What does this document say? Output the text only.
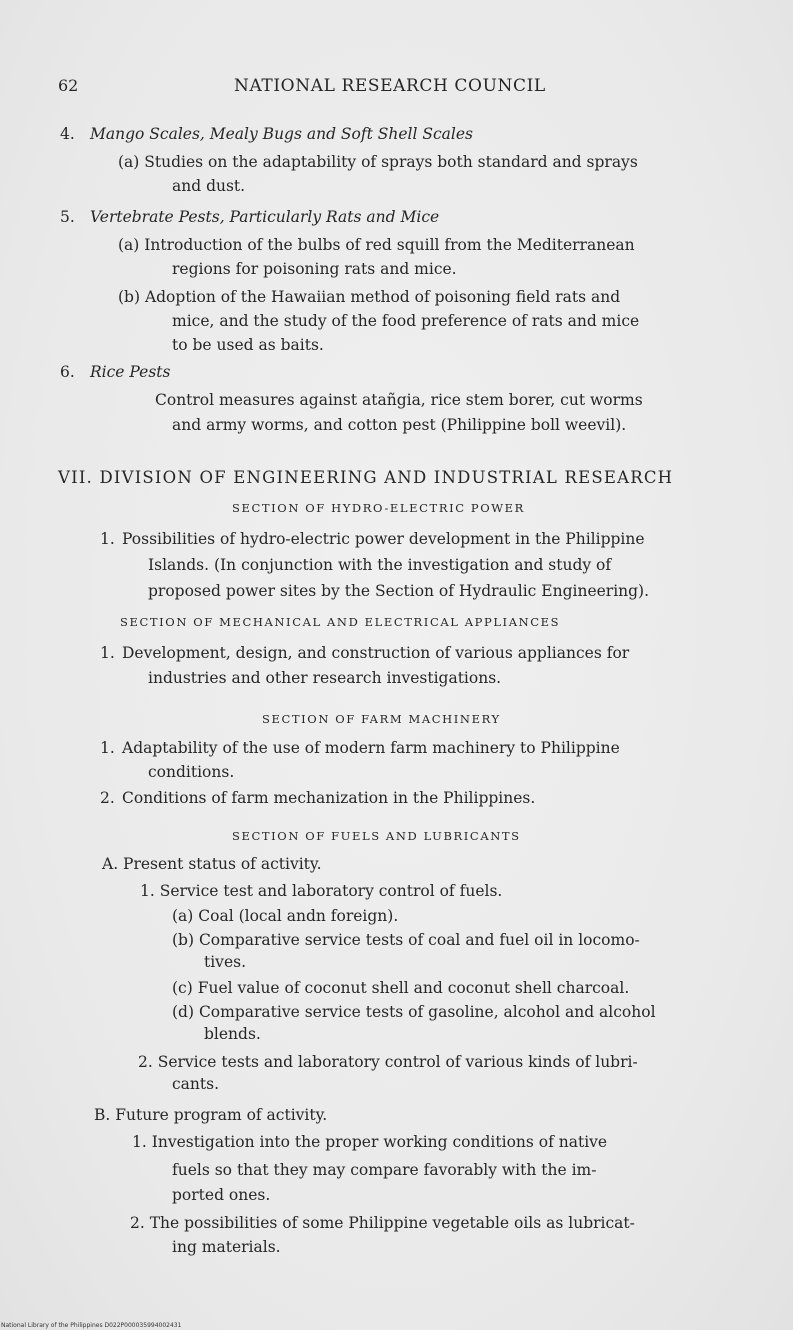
62	NATIONAL RESEARCH COUNCIL
4. Mango Scales, Mealy Bugs and Soft Shell Scales
(a) Studies on the adaptability of sprays both standard and sprays
and dust.
5. Vertebrate Pests, Particularly Rats and Mice
(a) Introduction of the bulbs of red squill from the Mediterranean
regions for poisoning rats and mice.
(b) Adoption of the Hawaiian method of poisoning field rats and
mice, and the study of the food preference of rats and mice
to be used as baits.
6. Rice Pests
Control measures against atañgia, rice stem borer, cut worms
and army worms, and cotton pest (Philippine boll weevil).
VII. DIVISION OF ENGINEERING AND INDUSTRIAL RESEARCH
SECTION OF HYDRO-ELECTRIC POWER
1. Possibilities of hydro-electric power development in the Philippine
Islands. (In conjunction with the investigation and study of
proposed power sites by the Section of Hydraulic Engineering).
SECTION OF MECHANICAL AND ELECTRICAL APPLIANCES
1. Development, design, and construction of various appliances for
industries and other research investigations.
SECTION OF FARM MACHINERY
1. Adaptability of the use of modern farm machinery to Philippine
conditions.
2. Conditions of farm mechanization in the Philippines.
SECTION OF FUELS AND LUBRICANTS
A. Present status of activity.
1. Service test and laboratory control of fuels.
(a) Coal (local andn foreign).
(b) Comparative service tests of coal and fuel oil in locomo-
tives.
(c) Fuel value of coconut shell and coconut shell charcoal.
(d) Comparative service tests of gasoline, alcohol and alcohol
blends.
2. Service tests and laboratory control of various kinds of lubri-
cants.
B. Future program of activity.
1. Investigation into the proper working conditions of native
fuels so that they may compare favorably with the im-
ported ones.
2. The possibilities of some Philippine vegetable oils as lubricat-
ing materials.
National Library of the Philippines D022P000035994002431
